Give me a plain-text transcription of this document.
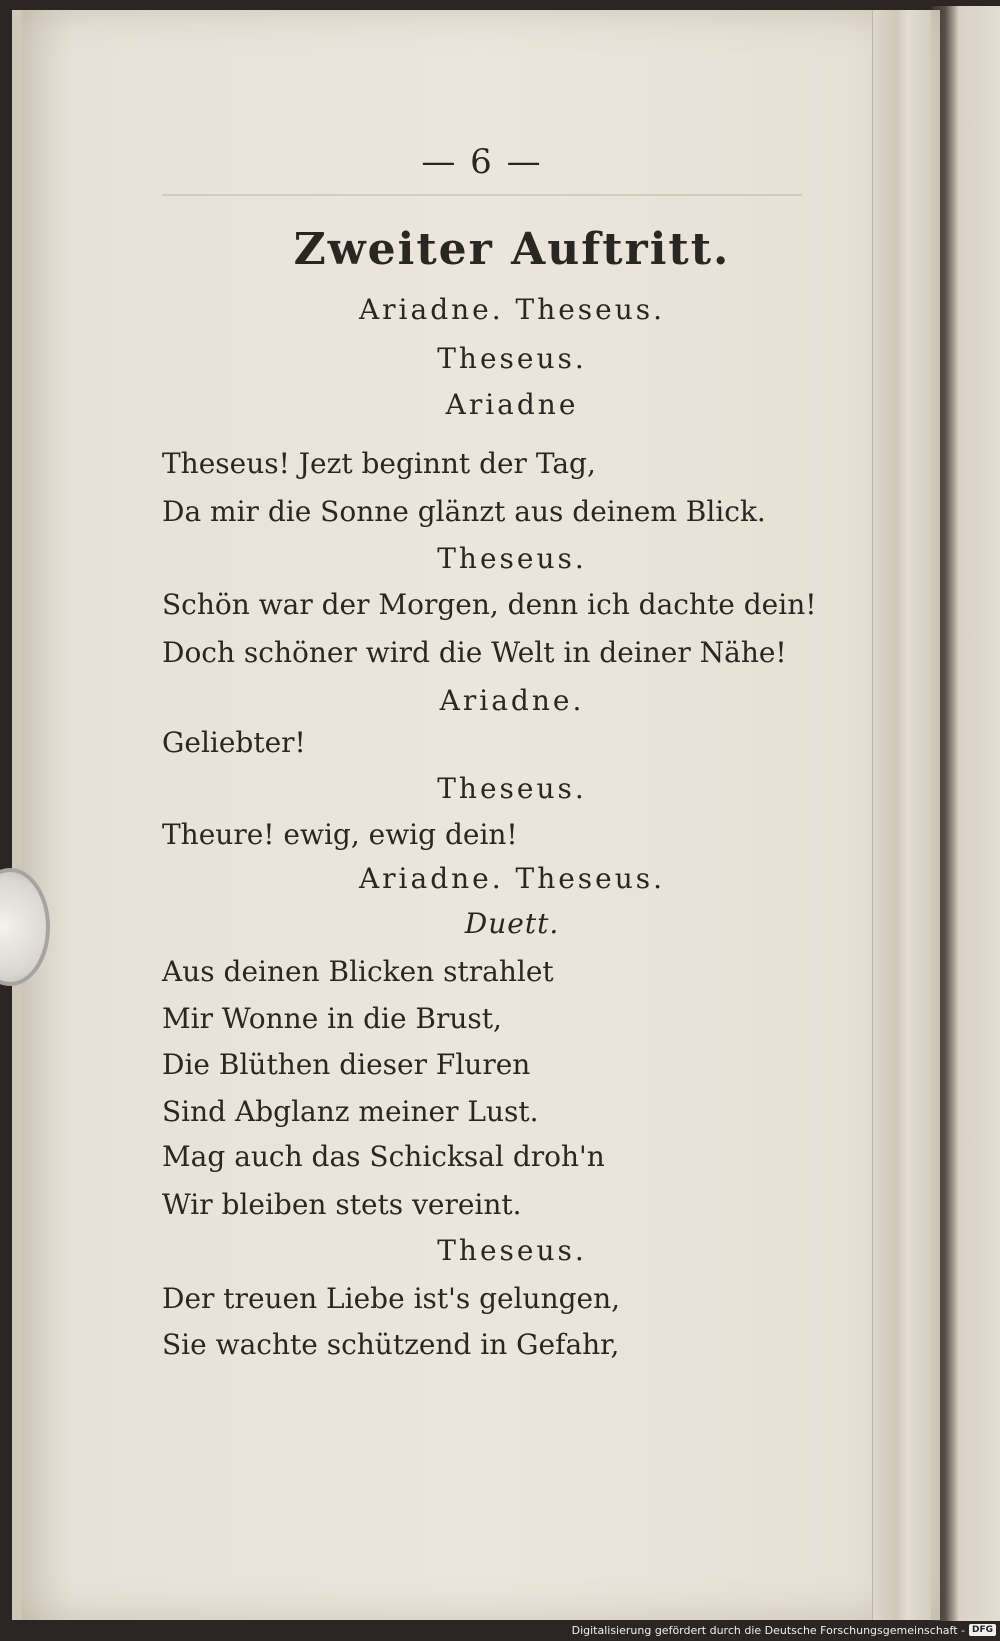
— 6 —
Zweiter Auftritt.
Ariadne. Theseus.
Theseus.
Ariadne
Theseus! Jezt beginnt der Tag,
Da mir die Sonne glänzt aus deinem Blick.
Theseus.
Schön war der Morgen, denn ich dachte dein!
Doch schöner wird die Welt in deiner Nähe!
Ariadne.
Geliebter!
Theseus.
Theure! ewig, ewig dein!
Ariadne. Theseus.
Duett.
Aus deinen Blicken strahlet
Mir Wonne in die Brust,
Die Blüthen dieser Fluren
Sind Abglanz meiner Lust.
Mag auch das Schicksal droh'n
Wir bleiben stets vereint.
Theseus.
Der treuen Liebe ist's gelungen,
Sie wachte schützend in Gefahr,
Digitalisierung gefördert durch die Deutsche Forschungsgemeinschaft - DFG
